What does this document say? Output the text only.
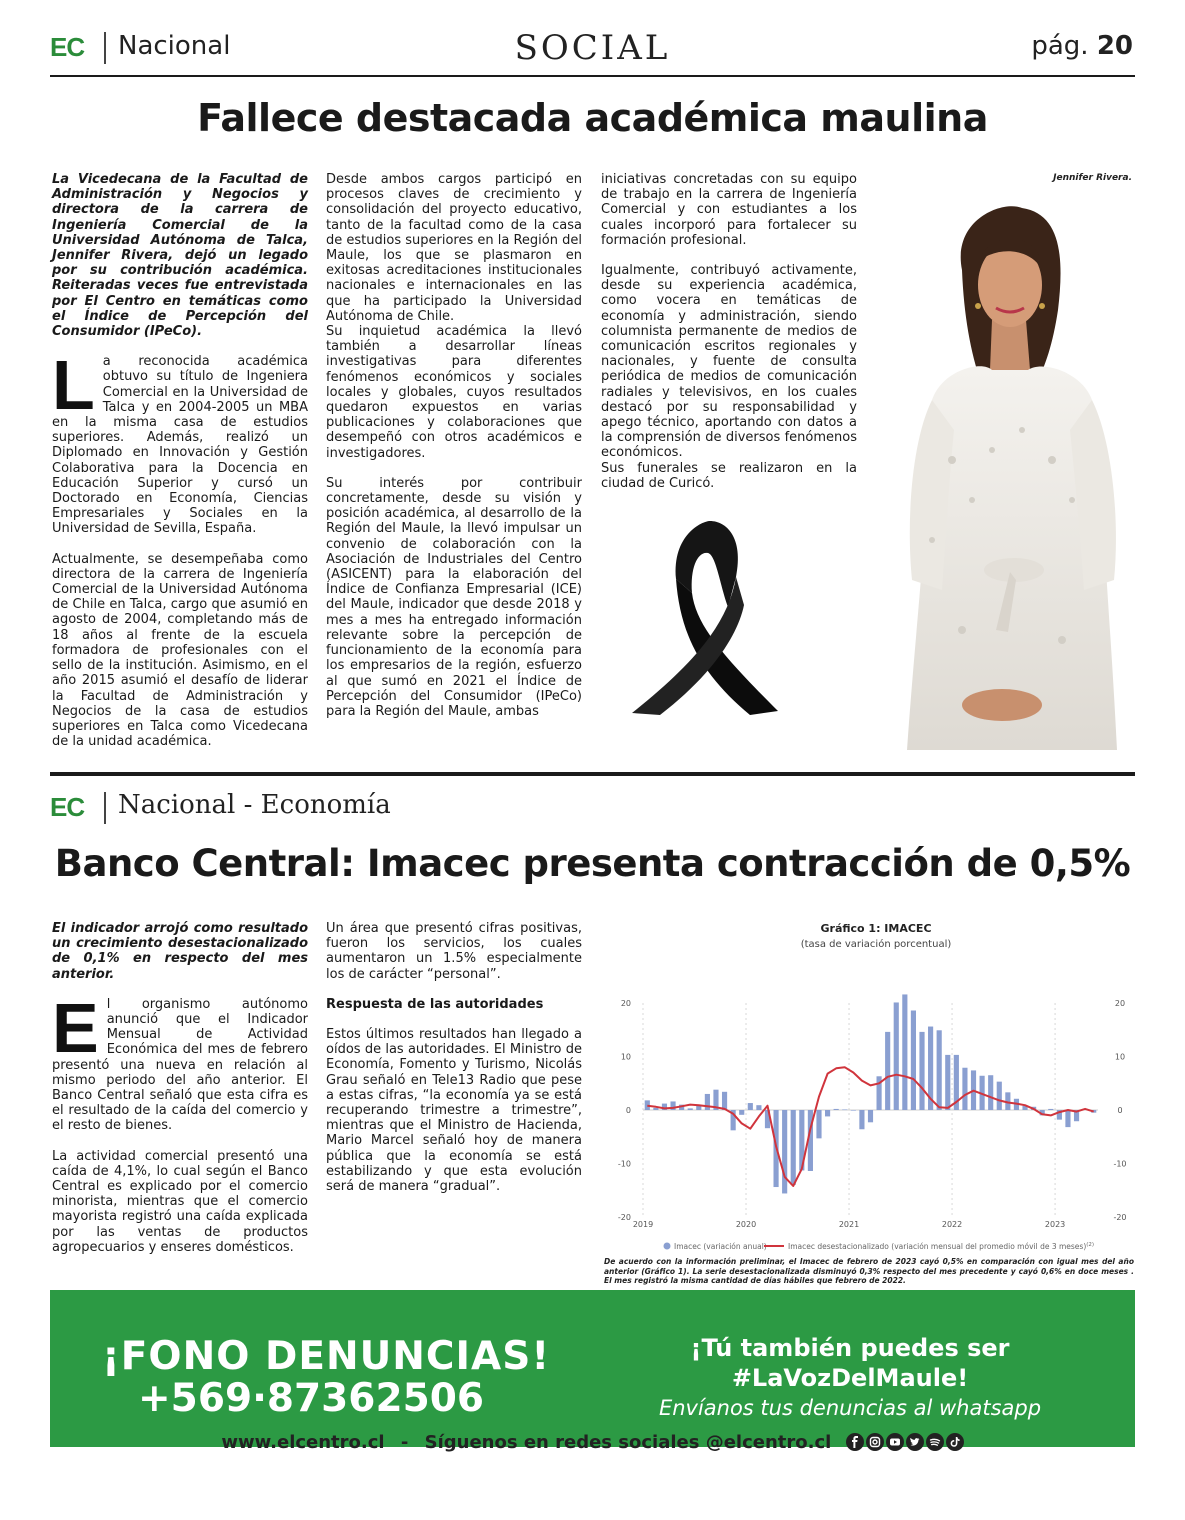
EC Nacional	SOCIAL	pág. 20
Fallece destacada académica maulina

La Vicedecana de la Facultad de Administración y Negocios y directora de la carrera de Ingeniería Comercial de la Universidad Autónoma de Talca, Jennifer Rivera, dejó un legado por su contribución académica. Reiteradas veces fue entrevistada por El Centro en temáticas como el Índice de Percepción del Consumidor (IPeCo).

La reconocida académica obtuvo su título de Ingeniera Comercial en la Universidad de Talca y en 2004-2005 un MBA en la misma casa de estudios superiores. Además, realizó un Diplomado en Innovación y Gestión Colaborativa para la Docencia en Educación Superior y cursó un Doctorado en Economía, Ciencias Empresariales y Sociales en la Universidad de Sevilla, España.

Actualmente, se desempeñaba como directora de la carrera de Ingeniería Comercial de la Universidad Autónoma de Chile en Talca, cargo que asumió en agosto de 2004, completando más de 18 años al frente de la escuela formadora de profesionales con el sello de la institución. Asimismo, en el año 2015 asumió el desafío de liderar la Facultad de Administración y Negocios de la casa de estudios superiores en Talca como Vicedecana de la unidad académica.

Desde ambos cargos participó en procesos claves de crecimiento y consolidación del proyecto educativo, tanto de la facultad como de la casa de estudios superiores en la Región del Maule, los que se plasmaron en exitosas acreditaciones institucionales nacionales e internacionales en las que ha participado la Universidad Autónoma de Chile.

Su inquietud académica la llevó también a desarrollar líneas investigativas para diferentes fenómenos económicos y sociales locales y globales, cuyos resultados quedaron expuestos en varias publicaciones y colaboraciones que desempeñó con otros académicos e investigadores.

Su interés por contribuir concretamente, desde su visión y posición académica, al desarrollo de la Región del Maule, la llevó impulsar un convenio de colaboración con la Asociación de Industriales del Centro (ASICENT) para la elaboración del Índice de Confianza Empresarial (ICE) del Maule, indicador que desde 2018 y mes a mes ha entregado información relevante sobre la percepción de funcionamiento de la economía para los empresarios de la región, esfuerzo al que sumó en 2021 el Índice de Percepción del Consumidor (IPeCo) para la Región del Maule, ambas

iniciativas concretadas con su equipo de trabajo en la carrera de Ingeniería Comercial y con estudiantes a los cuales incorporó para fortalecer su formación profesional.

Igualmente, contribuyó activamente, desde su experiencia académica, como vocera en temáticas de economía y administración, siendo columnista permanente de medios de comunicación escritos regionales y nacionales, y fuente de consulta periódica de medios de comunicación radiales y televisivos, en los cuales destacó por su responsabilidad y apego técnico, aportando con datos a la comprensión de diversos fenómenos económicos.

Sus funerales se realizaron en la ciudad de Curicó.

Jennifer Rivera.
EC Nacional - Economía
Banco Central: Imacec presenta contracción de 0,5%

El indicador arrojó como resultado un crecimiento desestacionalizado de 0,1% en respecto del mes anterior.

El organismo autónomo anunció que el Indicador Mensual de Actividad Económica del mes de febrero presentó una nueva en relación al mismo periodo del año anterior. El Banco Central señaló que esta cifra es el resultado de la caída del comercio y el resto de bienes.

La actividad comercial presentó una caída de 4,1%, lo cual según el Banco Central es explicado por el comercio minorista, mientras que el comercio mayorista registró una caída explicada por las ventas de productos agropecuarios y enseres domésticos.

Un área que presentó cifras positivas, fueron los servicios, los cuales aumentaron un 1.5% especialmente los de carácter “personal”.

Respuesta de las autoridades

Estos últimos resultados han llegado a oídos de las autoridades. El Ministro de Economía, Fomento y Turismo, Nicolás Grau señaló en Tele13 Radio que pese a estas cifras, “la economía ya se está recuperando trimestre a trimestre”, mientras que el Ministro de Hacienda, Mario Marcel señaló hoy de manera pública que la economía se está estabilizando y que esta evolución será de manera “gradual”.

Gráfico 1: IMACEC
(tasa de variación porcentual)
20	20
10	10
0	0
-10	-10
-20	-20
2019	2020	2021	2022	2023
Imacec (variación anual)	Imacec desestacionalizado (variación mensual del promedio móvil de 3 meses)$^{(2)}$
De acuerdo con la información preliminar, el Imacec de febrero de 2023 cayó 0,5% en comparación con igual mes del año anterior (Gráfico 1). La serie desestacionalizada disminuyó 0,3% respecto del mes precedente y cayó 0,6% en doce meses . El mes registró la misma cantidad de días hábiles que febrero de 2022.
¡FONO DENUNCIAS!
+569·87362506
¡Tú también puedes ser
#LaVozDelMaule!
Envíanos tus denuncias al whatsapp
www.elcentro.cl - Síguenos en redes sociales @elcentro.cl
